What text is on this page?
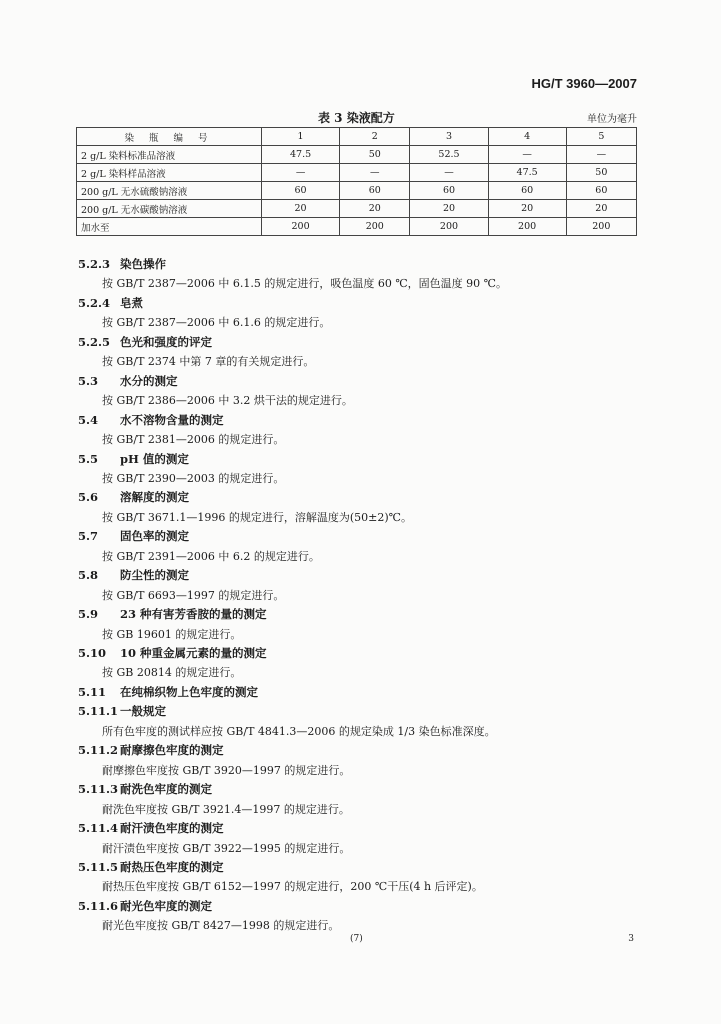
HG/T 3960—2007
表 3 染液配方	单位为毫升
染 瓶 编 号	1	2	3	4	5
2 g/L 染料标准品溶液	47.5	50	52.5	—	—
2 g/L 染料样品溶液	—	—	—	47.5	50
200 g/L 无水硫酸钠溶液	60	60	60	60	60
200 g/L 无水碳酸钠溶液	20	20	20	20	20
加水至	200	200	200	200	200
5.2.3 染色操作
按 GB/T 2387—2006 中 6.1.5 的规定进行，吸色温度 60 ℃，固色温度 90 ℃。
5.2.4 皂煮
按 GB/T 2387—2006 中 6.1.6 的规定进行。
5.2.5 色光和强度的评定
按 GB/T 2374 中第 7 章的有关规定进行。
5.3 水分的测定
按 GB/T 2386—2006 中 3.2 烘干法的规定进行。
5.4 水不溶物含量的测定
按 GB/T 2381—2006 的规定进行。
5.5 pH 值的测定
按 GB/T 2390—2003 的规定进行。
5.6 溶解度的测定
按 GB/T 3671.1—1996 的规定进行，溶解温度为(50±2)℃。
5.7 固色率的测定
按 GB/T 2391—2006 中 6.2 的规定进行。
5.8 防尘性的测定
按 GB/T 6693—1997 的规定进行。
5.9 23 种有害芳香胺的量的测定
按 GB 19601 的规定进行。
5.10 10 种重金属元素的量的测定
按 GB 20814 的规定进行。
5.11 在纯棉织物上色牢度的测定
5.11.1 一般规定
所有色牢度的测试样应按 GB/T 4841.3—2006 的规定染成 1/3 染色标准深度。
5.11.2 耐摩擦色牢度的测定
耐摩擦色牢度按 GB/T 3920—1997 的规定进行。
5.11.3 耐洗色牢度的测定
耐洗色牢度按 GB/T 3921.4—1997 的规定进行。
5.11.4 耐汗渍色牢度的测定
耐汗渍色牢度按 GB/T 3922—1995 的规定进行。
5.11.5 耐热压色牢度的测定
耐热压色牢度按 GB/T 6152—1997 的规定进行，200 ℃干压(4 h 后评定)。
5.11.6 耐光色牢度的测定
耐光色牢度按 GB/T 8427—1998 的规定进行。
(7)	3
